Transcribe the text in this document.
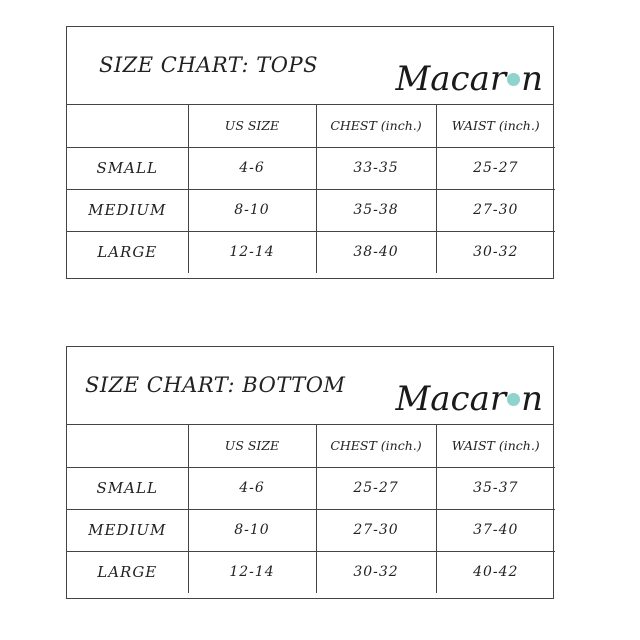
SIZE CHART: TOPS Macar n
	US SIZE	CHEST (inch.)	WAIST (inch.)
SMALL	4-6	33-35	25-27
MEDIUM	8-10	35-38	27-30
LARGE	12-14	38-40	30-32
SIZE CHART: BOTTOM Macar n
	US SIZE	CHEST (inch.)	WAIST (inch.)
SMALL	4-6	25-27	35-37
MEDIUM	8-10	27-30	37-40
LARGE	12-14	30-32	40-42
